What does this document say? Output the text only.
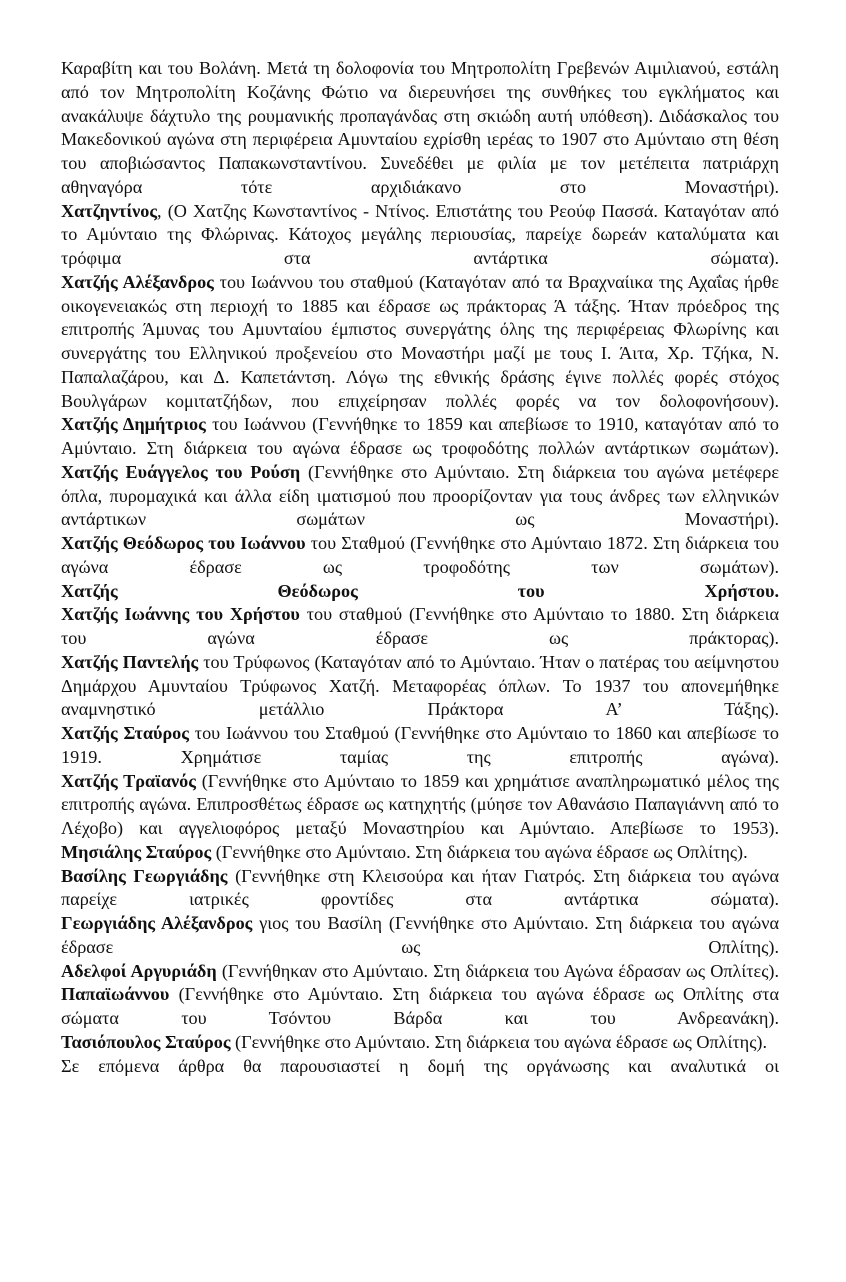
Καραβίτη και του Βολάνη. Μετά τη δολοφονία του Μητροπολίτη Γρεβενών Αιμιλιανού, εστάλη από τον Μητροπολίτη Κοζάνης Φώτιο να διερευνήσει της συνθήκες του εγκλήματος και ανακάλυψε δάχτυλο της ρουμανικής προπαγάνδας στη σκιώδη αυτή υπόθεση). Διδάσκαλος του Μακεδονικού αγώνα στη περιφέρεια Αμυνταίου εχρίσθη ιερέας το 1907 στο Αμύνταιο στη θέση του αποβιώσαντος Παπακωνσταντίνου. Συνεδέθει με φιλία με τον μετέπειτα πατριάρχη αθηναγόρα τότε αρχιδιάκανο στο Μοναστήρι).

Χατζηντίνος, (Ο Χατζης Κωνσταντίνος - Ντίνος. Επιστάτης του Ρεούφ Πασσά. Καταγόταν από το Αμύνταιο της Φλώρινας. Κάτοχος μεγάλης περιουσίας, παρείχε δωρεάν καταλύματα και τρόφιμα στα αντάρτικα σώματα).

Χατζής Αλέξανδρος του Ιωάννου του σταθμού (Καταγόταν από τα Βραχναίικα της Αχαΐας ήρθε οικογενειακώς στη περιοχή το 1885 και έδρασε ως πράκτορας Ά τάξης. Ήταν πρόεδρος της επιτροπής Άμυνας του Αμυνταίου έμπιστος συνεργάτης όλης της περιφέρειας Φλωρίνης και συνεργάτης του Ελληνικού προξενείου στο Μοναστήρι μαζί με τους Ι. Άιτα, Χρ. Τζήκα, Ν. Παπαλαζάρου, και Δ. Καπετάντση. Λόγω της εθνικής δράσης έγινε πολλές φορές στόχος Βουλγάρων κομιτατζήδων, που επιχείρησαν πολλές φορές να τον δολοφονήσουν).

Χατζής Δημήτριος του Ιωάννου (Γεννήθηκε το 1859 και απεβίωσε το 1910, καταγόταν από το Αμύνταιο. Στη διάρκεια του αγώνα έδρασε ως τροφοδότης πολλών αντάρτικων σωμάτων).

Χατζής Ευάγγελος του Ρούση (Γεννήθηκε στο Αμύνταιο. Στη διάρκεια του αγώνα μετέφερε όπλα, πυρομαχικά και άλλα είδη ιματισμού που προορίζονταν για τους άνδρες των ελληνικών αντάρτικων σωμάτων ως Μοναστήρι).

Χατζής Θεόδωρος του Ιωάννου του Σταθμού (Γεννήθηκε στο Αμύνταιο 1872. Στη διάρκεια του αγώνα έδρασε ως τροφοδότης των σωμάτων).

Χατζής Θεόδωρος του Χρήστου.

Χατζής Ιωάννης του Χρήστου του σταθμού (Γεννήθηκε στο Αμύνταιο το 1880. Στη διάρκεια του αγώνα έδρασε ως πράκτορας).

Χατζής Παντελής του Τρύφωνος (Καταγόταν από το Αμύνταιο. Ήταν ο πατέρας του αείμνηστου Δημάρχου Αμυνταίου Τρύφωνος Χατζή. Μεταφορέας όπλων. Το 1937 του απονεμήθηκε αναμνηστικό μετάλλιο Πράκτορα Α’ Τάξης).

Χατζής Σταύρος του Ιωάννου του Σταθμού (Γεννήθηκε στο Αμύνταιο το 1860 και απεβίωσε το 1919. Χρημάτισε ταμίας της επιτροπής αγώνα).

Χατζής Τραϊανός (Γεννήθηκε στο Αμύνταιο το 1859 και χρημάτισε αναπληρωματικό μέλος της επιτροπής αγώνα. Επιπροσθέτως έδρασε ως κατηχητής (μύησε τον Αθανάσιο Παπαγιάννη από το Λέχοβο) και αγγελιοφόρος μεταξύ Μοναστηρίου και Αμύνταιο. Απεβίωσε το 1953).

Μησιάλης Σταύρος (Γεννήθηκε στο Αμύνταιο. Στη διάρκεια του αγώνα έδρασε ως Οπλίτης).

Βασίλης Γεωργιάδης (Γεννήθηκε στη Κλεισούρα και ήταν Γιατρός. Στη διάρκεια του αγώνα παρείχε ιατρικές φροντίδες στα αντάρτικα σώματα).

Γεωργιάδης Αλέξανδρος γιος του Βασίλη (Γεννήθηκε στο Αμύνταιο. Στη διάρκεια του αγώνα έδρασε ως Οπλίτης).

Αδελφοί Αργυριάδη (Γεννήθηκαν στο Αμύνταιο. Στη διάρκεια του Αγώνα έδρασαν ως Οπλίτες).

Παπαϊωάννου (Γεννήθηκε στο Αμύνταιο. Στη διάρκεια του αγώνα έδρασε ως Οπλίτης στα σώματα του Τσόντου Βάρδα και του Ανδρεανάκη).

Τασιόπουλος Σταύρος (Γεννήθηκε στο Αμύνταιο. Στη διάρκεια του αγώνα έδρασε ως Οπλίτης).

Σε επόμενα άρθρα θα παρουσιαστεί η δομή της οργάνωσης και αναλυτικά οι
